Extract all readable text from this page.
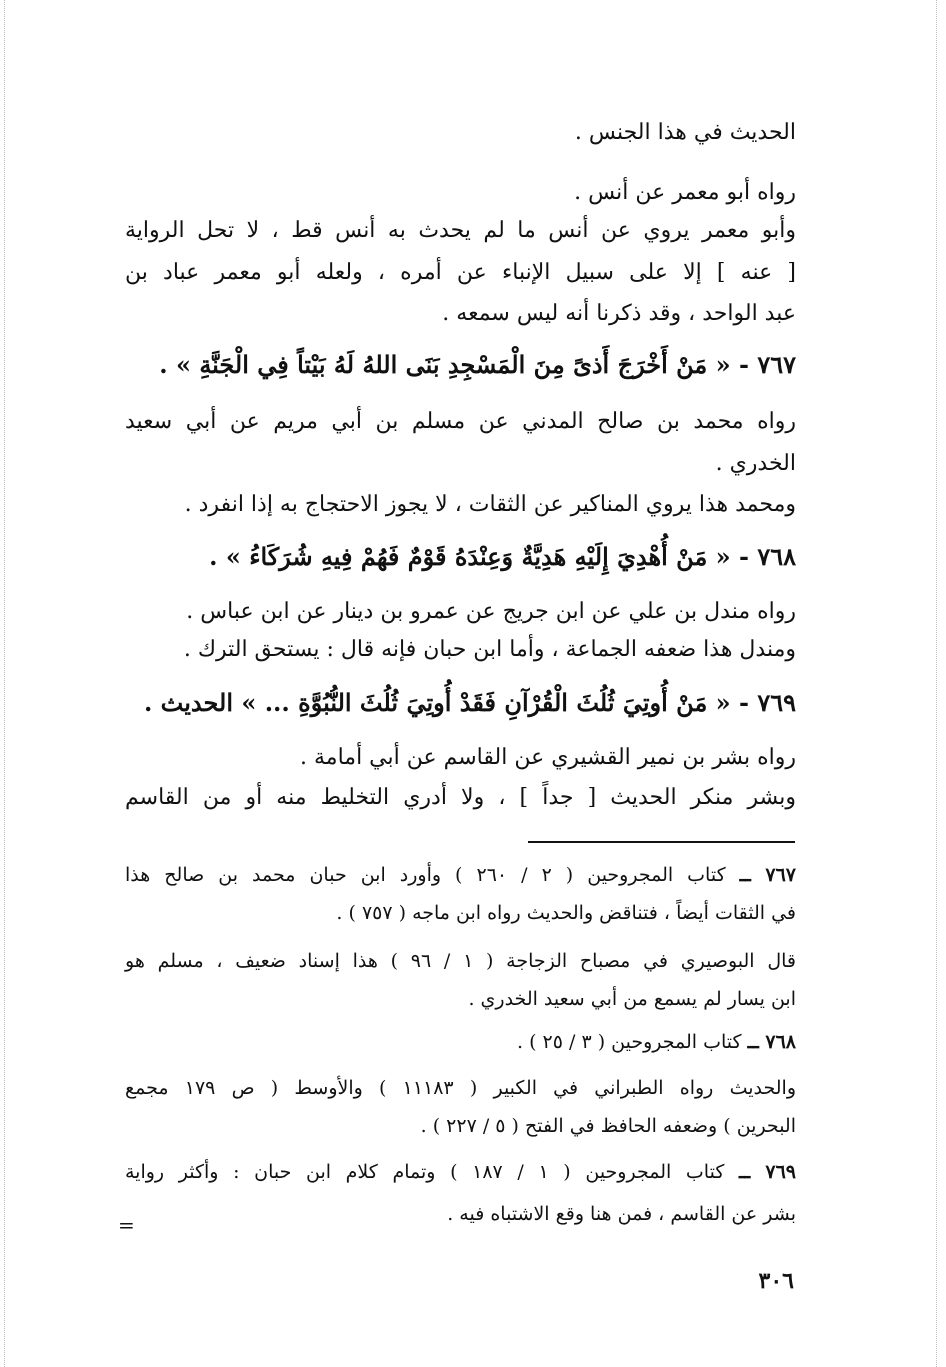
الحديث في هذا الجنس .
رواه أبو معمر عن أنس .
وأبو معمر يروي عن أنس ما لم يحدث به أنس قط ، لا تحل الرواية
[ عنه ] إلا على سبيل الإنباء عن أمره ، ولعله أبو معمر عباد بن
عبد الواحد ، وقد ذكرنا أنه ليس سمعه .
٧٦٧ - « مَنْ أَخْرَجَ أَذىً مِنَ الْمَسْجِدِ بَنَى اللهُ لَهُ بَيْتاً فِي الْجَنَّةِ » .
رواه محمد بن صالح المدني عن مسلم بن أبي مريم عن أبي سعيد
الخدري .
ومحمد هذا يروي المناكير عن الثقات ، لا يجوز الاحتجاج به إذا انفرد .
٧٦٨ - « مَنْ أُهْدِيَ إِلَيْهِ هَدِيَّةٌ وَعِنْدَهُ قَوْمٌ فَهُمْ فِيهِ شُرَكَاءُ » .
رواه مندل بن علي عن ابن جريج عن عمرو بن دينار عن ابن عباس .
ومندل هذا ضعفه الجماعة ، وأما ابن حبان فإنه قال : يستحق الترك .
٧٦٩ - « مَنْ أُوتِيَ ثُلُثَ الْقُرْآنِ فَقَدْ أُوتِيَ ثُلُثَ النُّبُوَّةِ ... » الحديث .
رواه بشر بن نمير القشيري عن القاسم عن أبي أمامة .
وبشر منكر الحديث [ جداً ] ، ولا أدري التخليط منه أو من القاسم
٧٦٧ ــ كتاب المجروحين ( ٢ / ٢٦٠ ) وأورد ابن حبان محمد بن صالح هذا
في الثقات أيضاً ، فتناقض والحديث رواه ابن ماجه ( ٧٥٧ ) .
قال البوصيري في مصباح الزجاجة ( ١ / ٩٦ ) هذا إسناد ضعيف ، مسلم هو
ابن يسار لم يسمع من أبي سعيد الخدري .
٧٦٨ ــ كتاب المجروحين ( ٣ / ٢٥ ) .
والحديث رواه الطبراني في الكبير ( ١١١٨٣ ) والأوسط ( ص ١٧٩ مجمع
البحرين ) وضعفه الحافظ في الفتح ( ٥ / ٢٢٧ ) .
٧٦٩ ــ كتاب المجروحين ( ١ / ١٨٧ ) وتمام كلام ابن حبان : وأكثر رواية
بشر عن القاسم ، فمن هنا وقع الاشتباه فيه .
=
٣٠٦
